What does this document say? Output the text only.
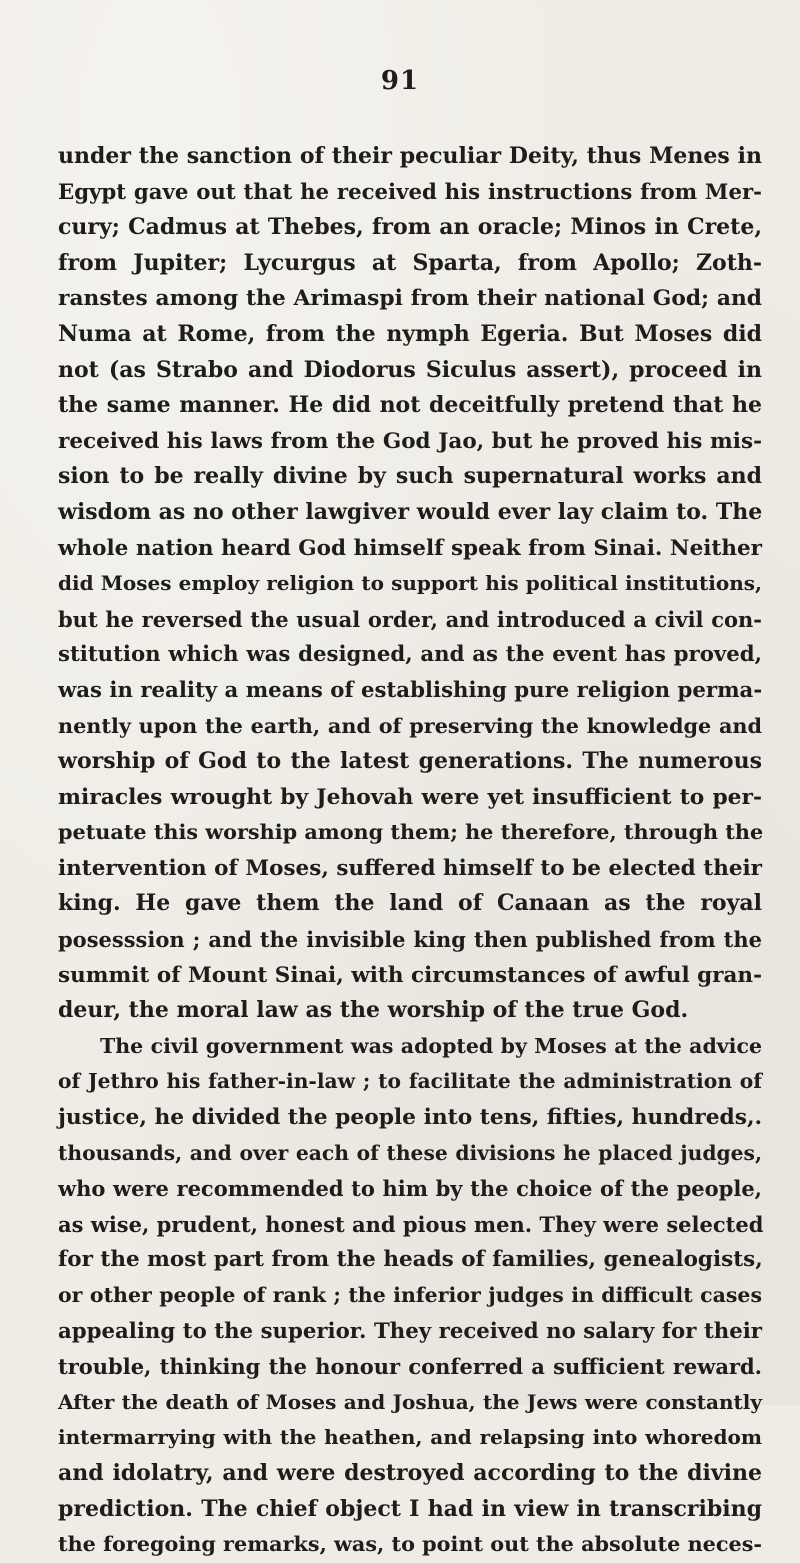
91
under the sanction of their peculiar Deity, thus Menes in
Egypt gave out that he received his instructions from Mer-
cury; Cadmus at Thebes, from an oracle; Minos in Crete,
from Jupiter; Lycurgus at Sparta, from Apollo; Zoth-
ranstes among the Arimaspi from their national God; and
Numa at Rome, from the nymph Egeria. But Moses did
not (as Strabo and Diodorus Siculus assert), proceed in
the same manner. He did not deceitfully pretend that he
received his laws from the God Jao, but he proved his mis-
sion to be really divine by such supernatural works and
wisdom as no other lawgiver would ever lay claim to. The
whole nation heard God himself speak from Sinai. Neither
did Moses employ religion to support his political institutions,
but he reversed the usual order, and introduced a civil con-
stitution which was designed, and as the event has proved,
was in reality a means of establishing pure religion perma-
nently upon the earth, and of preserving the knowledge and
worship of God to the latest generations. The numerous
miracles wrought by Jehovah were yet insufficient to per-
petuate this worship among them; he therefore, through the
intervention of Moses, suffered himself to be elected their
king. He gave them the land of Canaan as the royal
posesssion ; and the invisible king then published from the
summit of Mount Sinai, with circumstances of awful gran-
deur, the moral law as the worship of the true God.
The civil government was adopted by Moses at the advice
of Jethro his father-in-law ; to facilitate the administration of
justice, he divided the people into tens, fifties, hundreds,.
thousands, and over each of these divisions he placed judges,
who were recommended to him by the choice of the people,
as wise, prudent, honest and pious men. They were selected
for the most part from the heads of families, genealogists,
or other people of rank ; the inferior judges in difficult cases
appealing to the superior. They received no salary for their
trouble, thinking the honour conferred a sufficient reward.
After the death of Moses and Joshua, the Jews were constantly
intermarrying with the heathen, and relapsing into whoredom
and idolatry, and were destroyed according to the divine
prediction. The chief object I had in view in transcribing
the foregoing remarks, was, to point out the absolute neces-
